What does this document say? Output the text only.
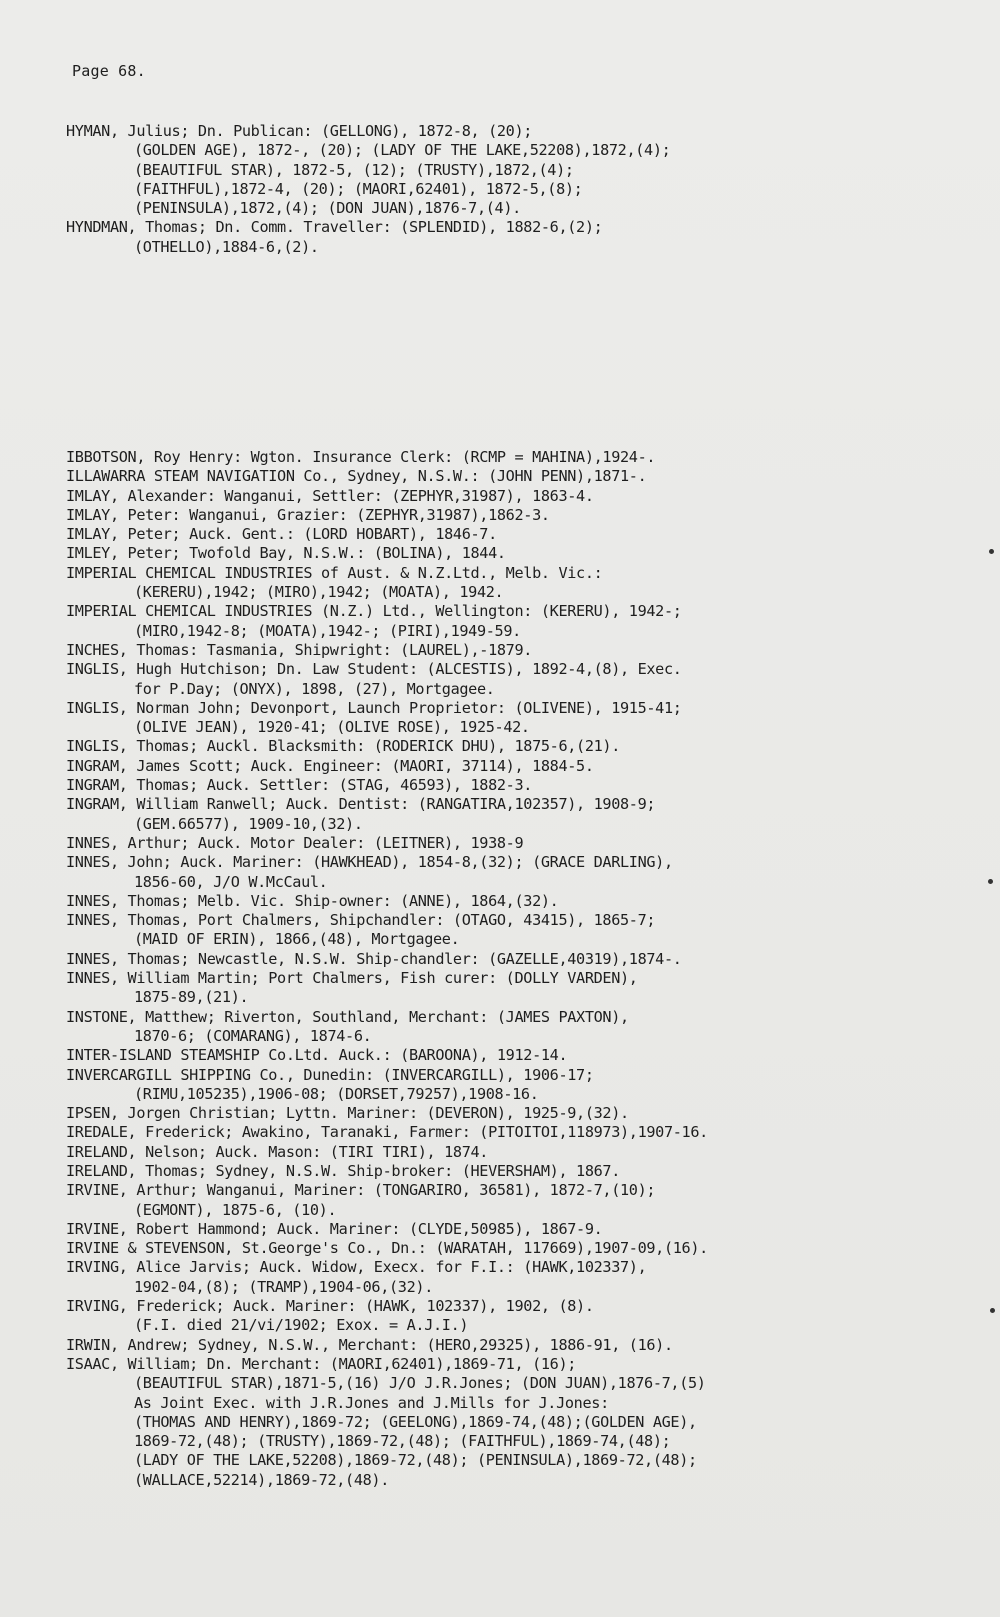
Page 68.
HYMAN, Julius; Dn. Publican: (GELLONG), 1872-8, (20);
(GOLDEN AGE), 1872-, (20); (LADY OF THE LAKE,52208),1872,(4);
(BEAUTIFUL STAR), 1872-5, (12); (TRUSTY),1872,(4);
(FAITHFUL),1872-4, (20); (MAORI,62401), 1872-5,(8);
(PENINSULA),1872,(4); (DON JUAN),1876-7,(4).
HYNDMAN, Thomas; Dn. Comm. Traveller: (SPLENDID), 1882-6,(2);
(OTHELLO),1884-6,(2).
IBBOTSON, Roy Henry: Wgton. Insurance Clerk: (RCMP = MAHINA),1924-.
ILLAWARRA STEAM NAVIGATION Co., Sydney, N.S.W.: (JOHN PENN),1871-.
IMLAY, Alexander: Wanganui, Settler: (ZEPHYR,31987), 1863-4.
IMLAY, Peter: Wanganui, Grazier: (ZEPHYR,31987),1862-3.
IMLAY, Peter; Auck. Gent.: (LORD HOBART), 1846-7.
IMLEY, Peter; Twofold Bay, N.S.W.: (BOLINA), 1844.
IMPERIAL CHEMICAL INDUSTRIES of Aust. & N.Z.Ltd., Melb. Vic.:
(KERERU),1942; (MIRO),1942; (MOATA), 1942.
IMPERIAL CHEMICAL INDUSTRIES (N.Z.) Ltd., Wellington: (KERERU), 1942-;
(MIRO,1942-8; (MOATA),1942-; (PIRI),1949-59.
INCHES, Thomas: Tasmania, Shipwright: (LAUREL),-1879.
INGLIS, Hugh Hutchison; Dn. Law Student: (ALCESTIS), 1892-4,(8), Exec.
for P.Day; (ONYX), 1898, (27), Mortgagee.
INGLIS, Norman John; Devonport, Launch Proprietor: (OLIVENE), 1915-41;
(OLIVE JEAN), 1920-41; (OLIVE ROSE), 1925-42.
INGLIS, Thomas; Auckl. Blacksmith: (RODERICK DHU), 1875-6,(21).
INGRAM, James Scott; Auck. Engineer: (MAORI, 37114), 1884-5.
INGRAM, Thomas; Auck. Settler: (STAG, 46593), 1882-3.
INGRAM, William Ranwell; Auck. Dentist: (RANGATIRA,102357), 1908-9;
(GEM.66577), 1909-10,(32).
INNES, Arthur; Auck. Motor Dealer: (LEITNER), 1938-9
INNES, John; Auck. Mariner: (HAWKHEAD), 1854-8,(32); (GRACE DARLING),
1856-60, J/O W.McCaul.
INNES, Thomas; Melb. Vic. Ship-owner: (ANNE), 1864,(32).
INNES, Thomas, Port Chalmers, Shipchandler: (OTAGO, 43415), 1865-7;
(MAID OF ERIN), 1866,(48), Mortgagee.
INNES, Thomas; Newcastle, N.S.W. Ship-chandler: (GAZELLE,40319),1874-.
INNES, William Martin; Port Chalmers, Fish curer: (DOLLY VARDEN),
1875-89,(21).
INSTONE, Matthew; Riverton, Southland, Merchant: (JAMES PAXTON),
1870-6; (COMARANG), 1874-6.
INTER-ISLAND STEAMSHIP Co.Ltd. Auck.: (BAROONA), 1912-14.
INVERCARGILL SHIPPING Co., Dunedin: (INVERCARGILL), 1906-17;
(RIMU,105235),1906-08; (DORSET,79257),1908-16.
IPSEN, Jorgen Christian; Lyttn. Mariner: (DEVERON), 1925-9,(32).
IREDALE, Frederick; Awakino, Taranaki, Farmer: (PITOITOI,118973),1907-16.
IRELAND, Nelson; Auck. Mason: (TIRI TIRI), 1874.
IRELAND, Thomas; Sydney, N.S.W. Ship-broker: (HEVERSHAM), 1867.
IRVINE, Arthur; Wanganui, Mariner: (TONGARIRO, 36581), 1872-7,(10);
(EGMONT), 1875-6, (10).
IRVINE, Robert Hammond; Auck. Mariner: (CLYDE,50985), 1867-9.
IRVINE & STEVENSON, St.George's Co., Dn.: (WARATAH, 117669),1907-09,(16).
IRVING, Alice Jarvis; Auck. Widow, Execx. for F.I.: (HAWK,102337),
1902-04,(8); (TRAMP),1904-06,(32).
IRVING, Frederick; Auck. Mariner: (HAWK, 102337), 1902, (8).
(F.I. died 21/vi/1902; Exox. = A.J.I.)
IRWIN, Andrew; Sydney, N.S.W., Merchant: (HERO,29325), 1886-91, (16).
ISAAC, William; Dn. Merchant: (MAORI,62401),1869-71, (16);
(BEAUTIFUL STAR),1871-5,(16) J/O J.R.Jones; (DON JUAN),1876-7,(5)
As Joint Exec. with J.R.Jones and J.Mills for J.Jones:
(THOMAS AND HENRY),1869-72; (GEELONG),1869-74,(48);(GOLDEN AGE),
1869-72,(48); (TRUSTY),1869-72,(48); (FAITHFUL),1869-74,(48);
(LADY OF THE LAKE,52208),1869-72,(48); (PENINSULA),1869-72,(48);
(WALLACE,52214),1869-72,(48).
